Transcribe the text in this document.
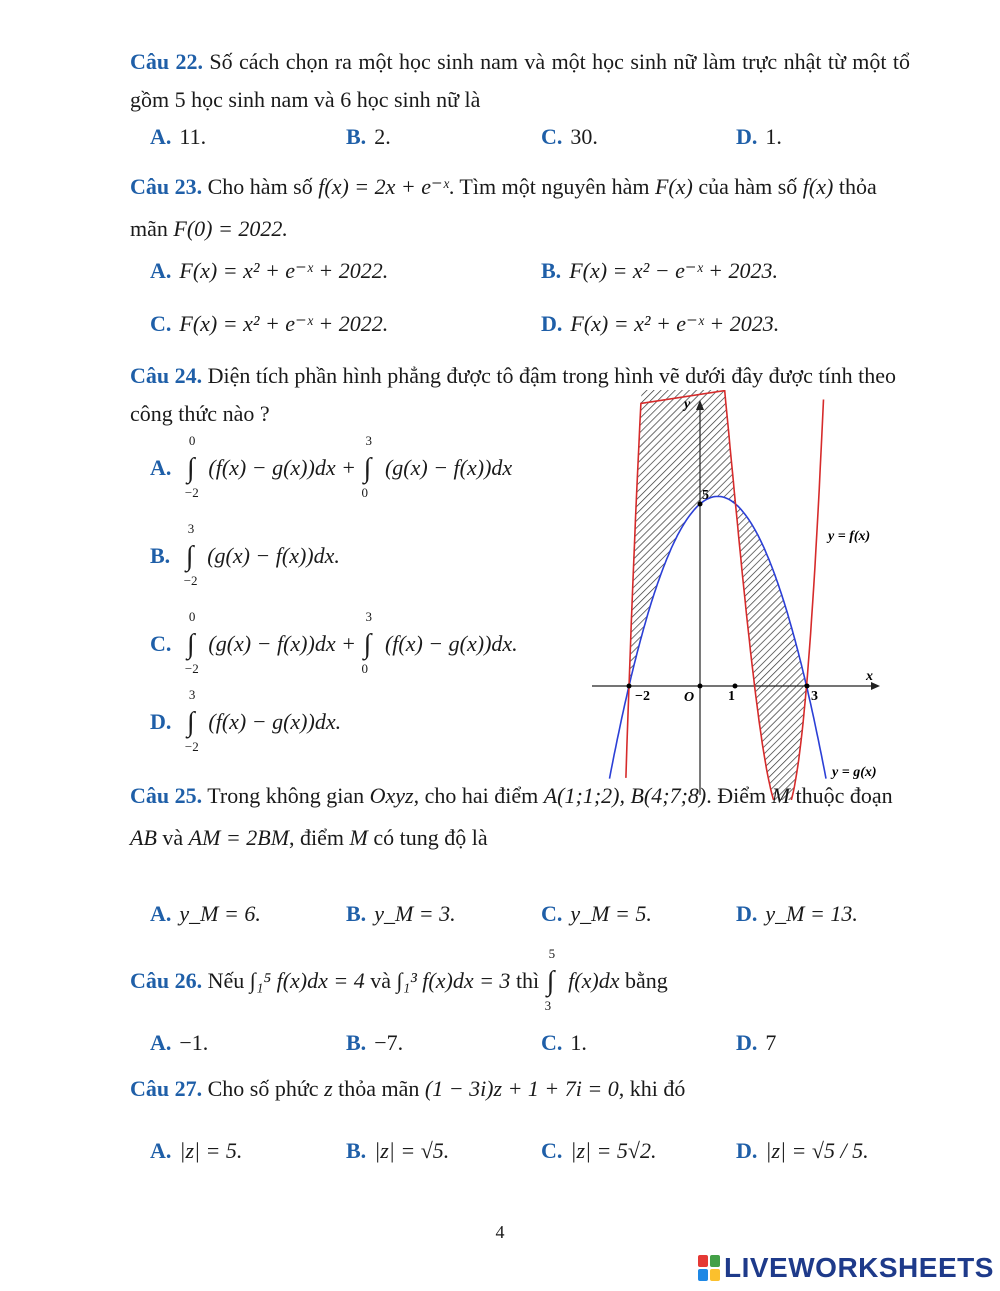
Câu 22. Số cách chọn ra một học sinh nam và một học sinh nữ làm trực nhật từ một tổ gồm 5 học sinh nam và 6 học sinh nữ là
A. 11.	B. 2.	C. 30.	D. 1.
Câu 23. Cho hàm số f(x) = 2x + e⁻ˣ. Tìm một nguyên hàm F(x) của hàm số f(x) thỏa mãn F(0) = 2022.
A. F(x) = x² + e⁻ˣ + 2022.	B. F(x) = x² − e⁻ˣ + 2023.
C. F(x) = x² + e⁻ˣ + 2022.	D. F(x) = x² + e⁻ˣ + 2023.
Câu 24. Diện tích phần hình phẳng được tô đậm trong hình vẽ dưới đây được tính theo công thức nào ?
A.
0
∫
−2
(f(x) − g(x))dx +
3
∫
0
(g(x) − f(x))dx
B.
3
∫
−2
(g(x) − f(x))dx.
C.
0
∫
−2
(g(x) − f(x))dx +
3
∫
0
(f(x) − g(x))dx.
D.
3
∫
−2
(f(x) − g(x))dx.
y
x
O
−2	1	3
5
y = f(x)
y = g(x)
Câu 25. Trong không gian Oxyz, cho hai điểm A(1;1;2), B(4;7;8). Điểm M thuộc đoạn AB và AM = 2BM, điểm M có tung độ là
A. y_M = 6.	B. y_M = 3.	C. y_M = 5.	D. y_M = 13.
Câu 26. Nếu ∫₁⁵ f(x)dx = 4 và ∫₁³ f(x)dx = 3 thì
5
∫
3
f(x)dx bằng
A. −1.	B. −7.	C. 1.	D. 7
Câu 27. Cho số phức z thỏa mãn (1 − 3i)z + 1 + 7i = 0, khi đó
A. |z| = 5.	B. |z| = √5.	C. |z| = 5√2.	D. |z| = √5 / 5.
4
LIVEWORKSHEETS
